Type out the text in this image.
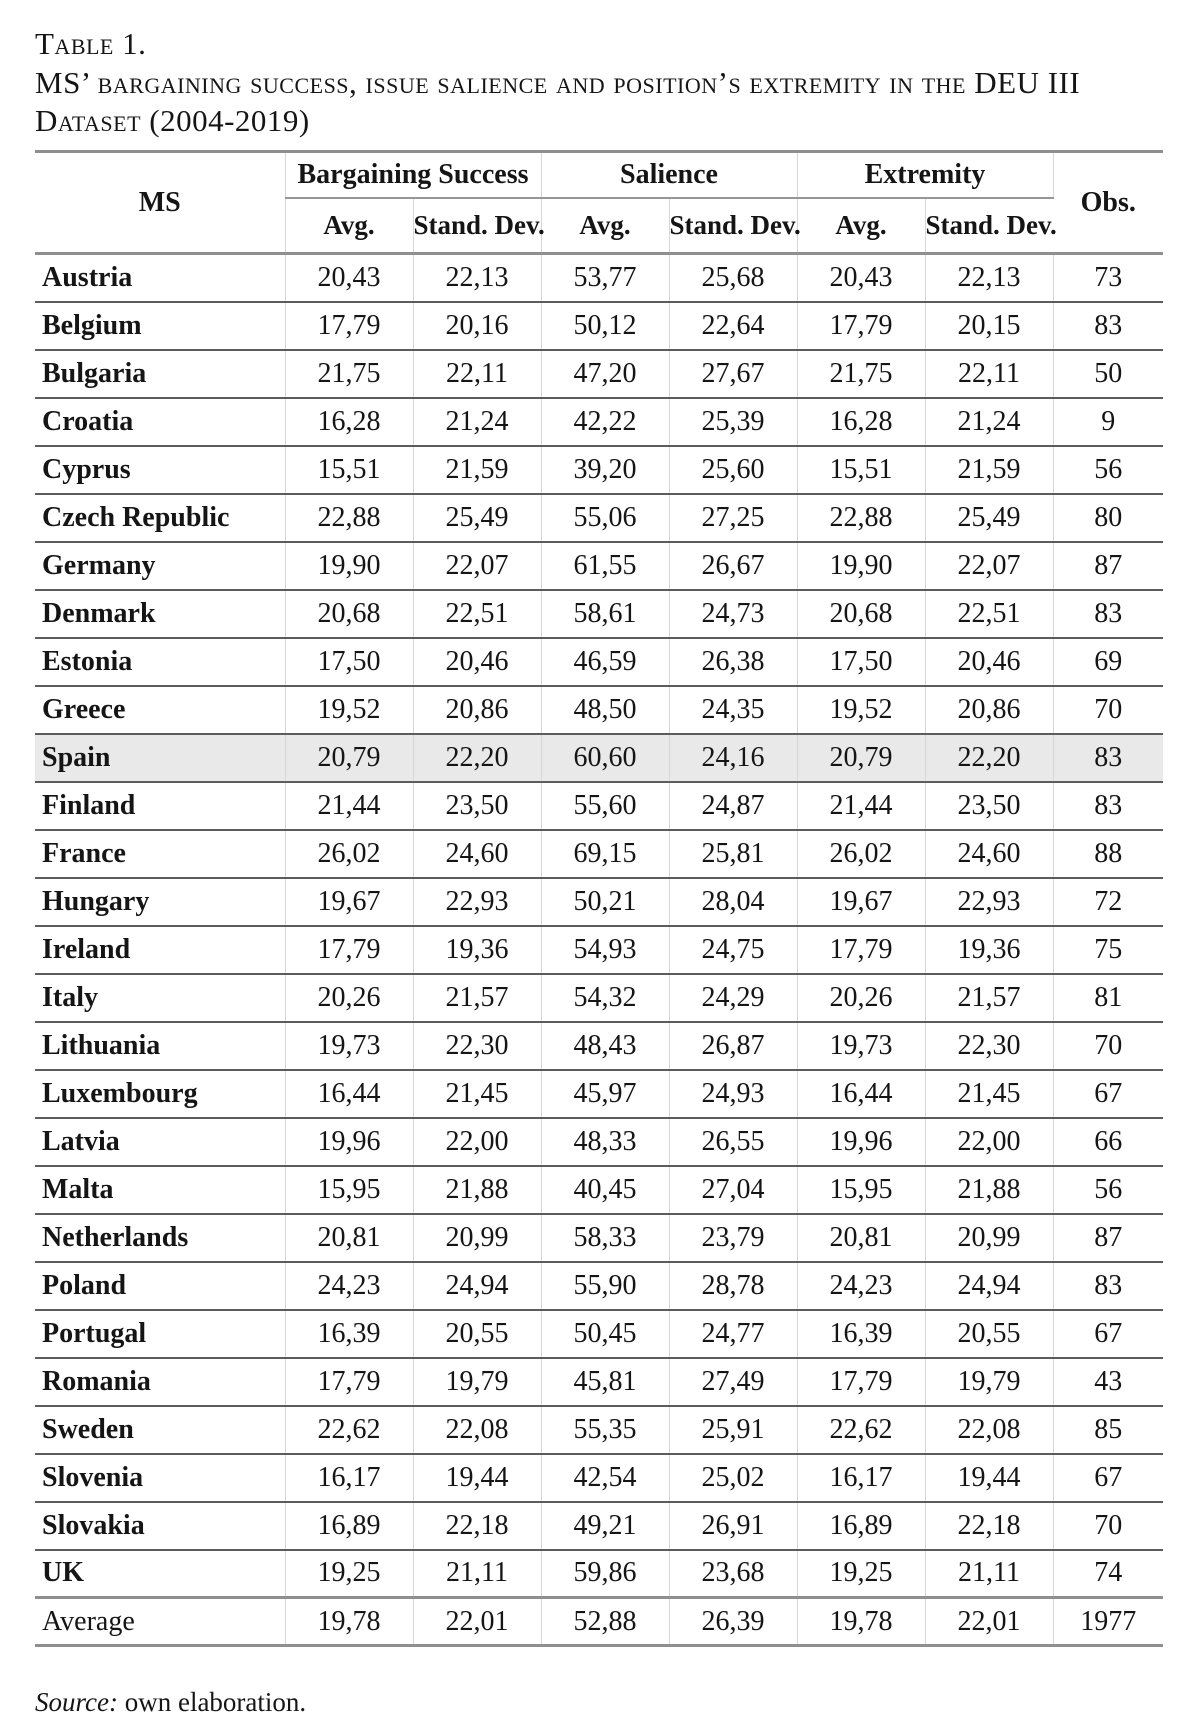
Table 1.
MS’ bargaining success, issue salience and position’s extremity in the DEU III
Dataset (2004-2019)
MS	Bargaining Success		Salience		Extremity		Obs.
	Avg.	Stand. Dev.	Avg.	Stand. Dev.	Avg.	Stand. Dev.	
Austria	20,43	22,13	53,77	25,68	20,43	22,13	73
Belgium	17,79	20,16	50,12	22,64	17,79	20,15	83
Bulgaria	21,75	22,11	47,20	27,67	21,75	22,11	50
Croatia	16,28	21,24	42,22	25,39	16,28	21,24	9
Cyprus	15,51	21,59	39,20	25,60	15,51	21,59	56
Czech Republic	22,88	25,49	55,06	27,25	22,88	25,49	80
Germany	19,90	22,07	61,55	26,67	19,90	22,07	87
Denmark	20,68	22,51	58,61	24,73	20,68	22,51	83
Estonia	17,50	20,46	46,59	26,38	17,50	20,46	69
Greece	19,52	20,86	48,50	24,35	19,52	20,86	70
Spain	20,79	22,20	60,60	24,16	20,79	22,20	83
Finland	21,44	23,50	55,60	24,87	21,44	23,50	83
France	26,02	24,60	69,15	25,81	26,02	24,60	88
Hungary	19,67	22,93	50,21	28,04	19,67	22,93	72
Ireland	17,79	19,36	54,93	24,75	17,79	19,36	75
Italy	20,26	21,57	54,32	24,29	20,26	21,57	81
Lithuania	19,73	22,30	48,43	26,87	19,73	22,30	70
Luxembourg	16,44	21,45	45,97	24,93	16,44	21,45	67
Latvia	19,96	22,00	48,33	26,55	19,96	22,00	66
Malta	15,95	21,88	40,45	27,04	15,95	21,88	56
Netherlands	20,81	20,99	58,33	23,79	20,81	20,99	87
Poland	24,23	24,94	55,90	28,78	24,23	24,94	83
Portugal	16,39	20,55	50,45	24,77	16,39	20,55	67
Romania	17,79	19,79	45,81	27,49	17,79	19,79	43
Sweden	22,62	22,08	55,35	25,91	22,62	22,08	85
Slovenia	16,17	19,44	42,54	25,02	16,17	19,44	67
Slovakia	16,89	22,18	49,21	26,91	16,89	22,18	70
UK	19,25	21,11	59,86	23,68	19,25	21,11	74
Average	19,78	22,01	52,88	26,39	19,78	22,01	1977
Source: own elaboration.
